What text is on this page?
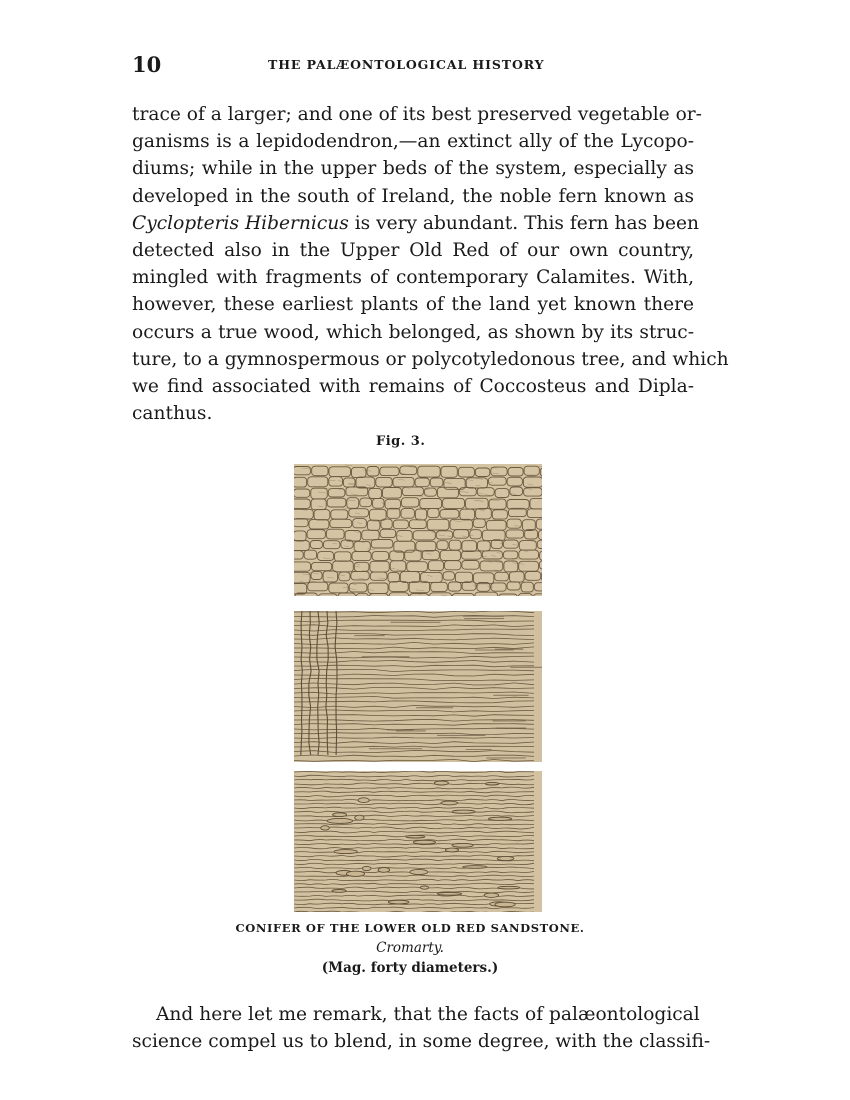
10	THE PALÆONTOLOGICAL HISTORY
trace of a larger; and one of its best preserved vegetable or-
ganisms is a lepidodendron,—an extinct ally of the Lycopo-
diums; while in the upper beds of the system, especially as
developed in the south of Ireland, the noble fern known as
Cyclopteris Hibernicus is very abundant. This fern has been
detected also in the Upper Old Red of our own country,
mingled with fragments of contemporary Calamites. With,
however, these earliest plants of the land yet known there
occurs a true wood, which belonged, as shown by its struc-
ture, to a gymnospermous or polycotyledonous tree, and which
we find associated with remains of Coccosteus and Dipla-
canthus.
Fig. 3.
CONIFER OF THE LOWER OLD RED SANDSTONE.
Cromarty.
(Mag. forty diameters.)
And here let me remark, that the facts of palæontological
science compel us to blend, in some degree, with the classifi-
